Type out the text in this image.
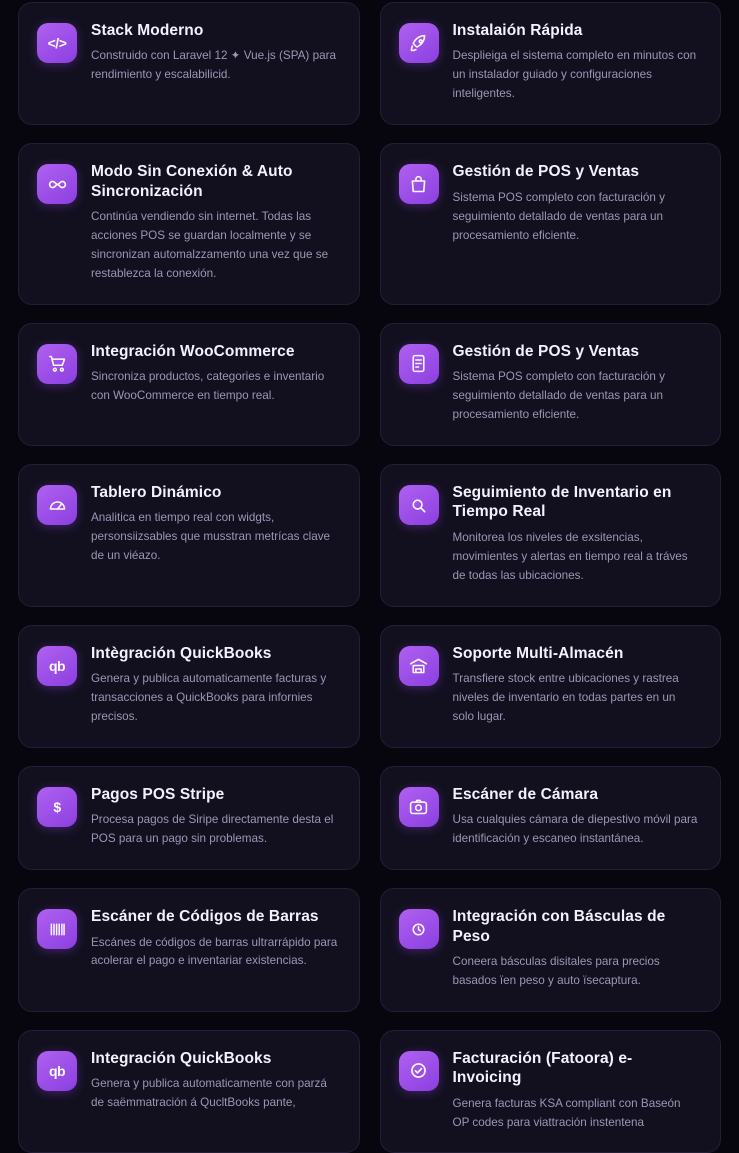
</>
Stack Moderno
Construido con Laravel 12 ✦ Vue.js (SPA) para rendimiento y escalabilicid.
Instalaión Rápida
Desplieiga el sistema completo en minutos con un instalador guiado y configuraciones inteligentes.
Modo Sin Conexión & Auto Sincronización
Continúa vendiendo sin internet. Todas las acciones POS se guardan localmente y se sincronizan automalzzamento una vez que se restablezca la conexión.
Gestión de POS y Ventas
Sistema POS completo con facturación y seguimiento detallado de ventas para un procesamiento eficiente.
Integración WooCommerce
Sincroniza productos, categories e inventario con WooCommerce en tiempo real.
Gestión de POS y Ventas
Sistema POS completo con facturación y seguimiento detallado de ventas para un procesamiento eficiente.
Tablero Dinámico
Analitica en tiempo real con widgts, personsiizsables que musstran metrícas clave de un viéazo.
Seguimiento de Inventario en Tiempo Real
Monitorea los niveles de exsitencias, movimientes y alertas en tiempo real a tráves de todas las ubicaciones.
qb
Intègración QuickBooks
Genera y publica automaticamente facturas y transacciones a QuickBooks para infornies precisos.
Soporte Multi-Almacén
Transfiere stock entre ubicaciones y rastrea niveles de inventario en todas partes en un solo lugar.
$
Pagos POS Stripe
Procesa pagos de Siripe directamente desta el POS para un pago sin problemas.
Escáner de Cámara
Usa cualquies cámara de diepestivo móvil para identificación y escaneo instantánea.
Escáner de Códigos de Barras
Escánes de códigos de barras ultrarrápido para acolerar el pago e inventariar existencias.
Integración con Básculas de Peso
Coneera básculas disitales para precios basados ïen peso y auto ïsecaptura.
qb
Integración QuickBooks
Genera y publica automaticamente con parzá de saëmmatración á QucltBooks pante,
Facturación (Fatoora) e-Invoicing
Genera facturas KSA compliant con Baseón OP codes para viattración instentena
